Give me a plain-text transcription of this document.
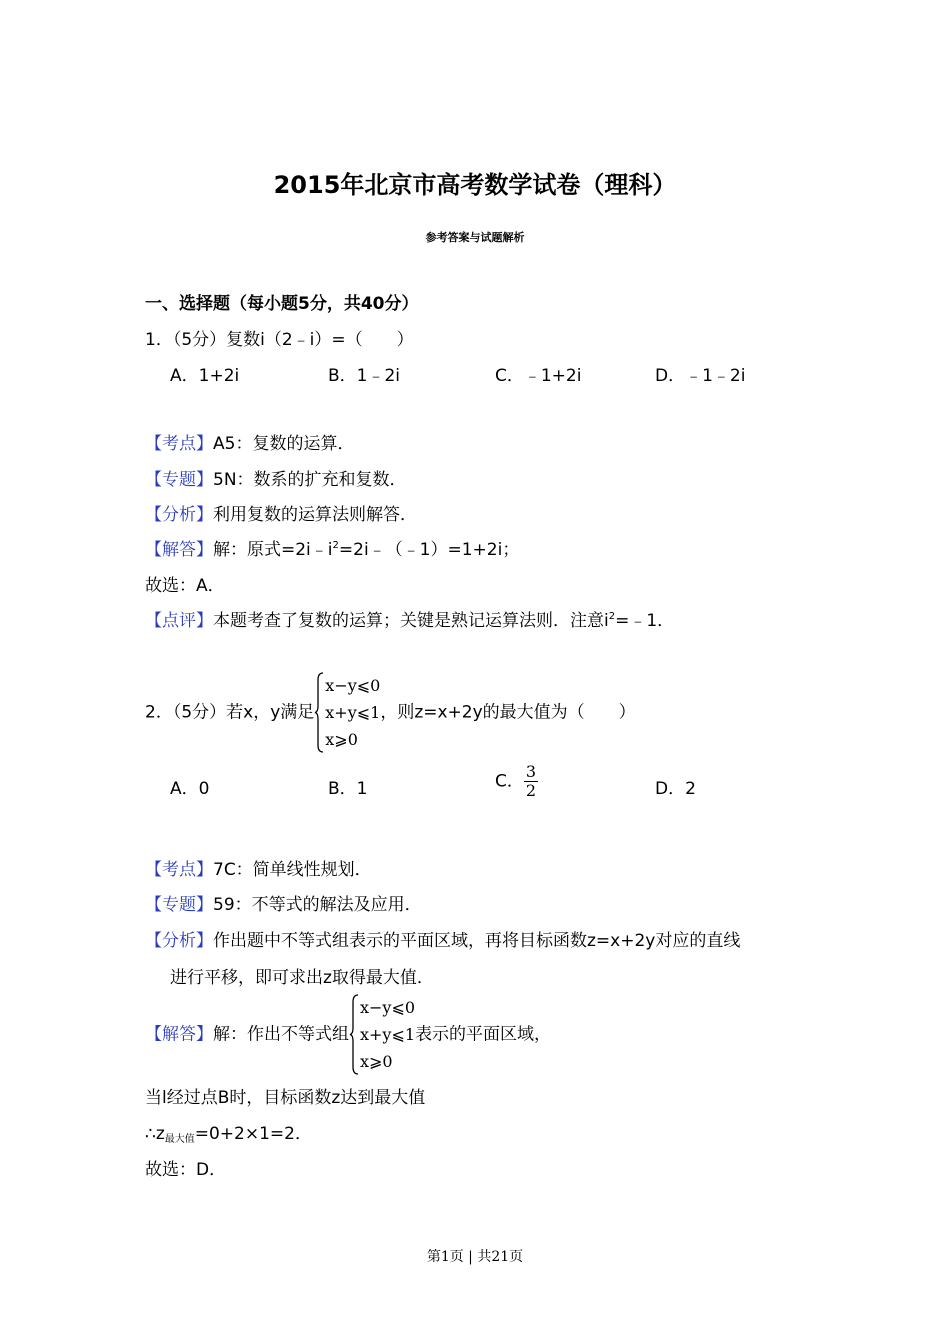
2015年北京市高考数学试卷（理科）
参考答案与试题解析
一、选择题（每小题5分，共40分）
1．（5分）复数i（2﹣i）=（　　）
A．1+2i	B．1﹣2i	C．﹣1+2i	D．﹣1﹣2i
【考点】A5：复数的运算．
【专题】5N：数系的扩充和复数．
【分析】利用复数的运算法则解答．
【解答】解：原式$=2i﹣i^2=2i﹣(﹣1)=1+2i$；
故选：A．
【点评】本题考查了复数的运算；关键是熟记运算法则．注意$i^2=﹣1$．
2．（5分）若x，y满足
x−y⩽0
x+y⩽1
x⩾0
，则z=x+2y的最大值为（　　）
A．0	B．1	C． $\frac{3}{2}$	D．2
【考点】7C：简单线性规划．
【专题】59：不等式的解法及应用．
【分析】作出题中不等式组表示的平面区域，再将目标函数z=x+2y对应的直线
进行平移，即可求出z取得最大值．
【解答】解：作出不等式组
x−y⩽0
x+y⩽1
x⩾0
表示的平面区域，
当l经过点B时，目标函数z达到最大值
$\therefore z_{最大值}=0+2\times 1=2$．
故选：D．
第1页 | 共21页
